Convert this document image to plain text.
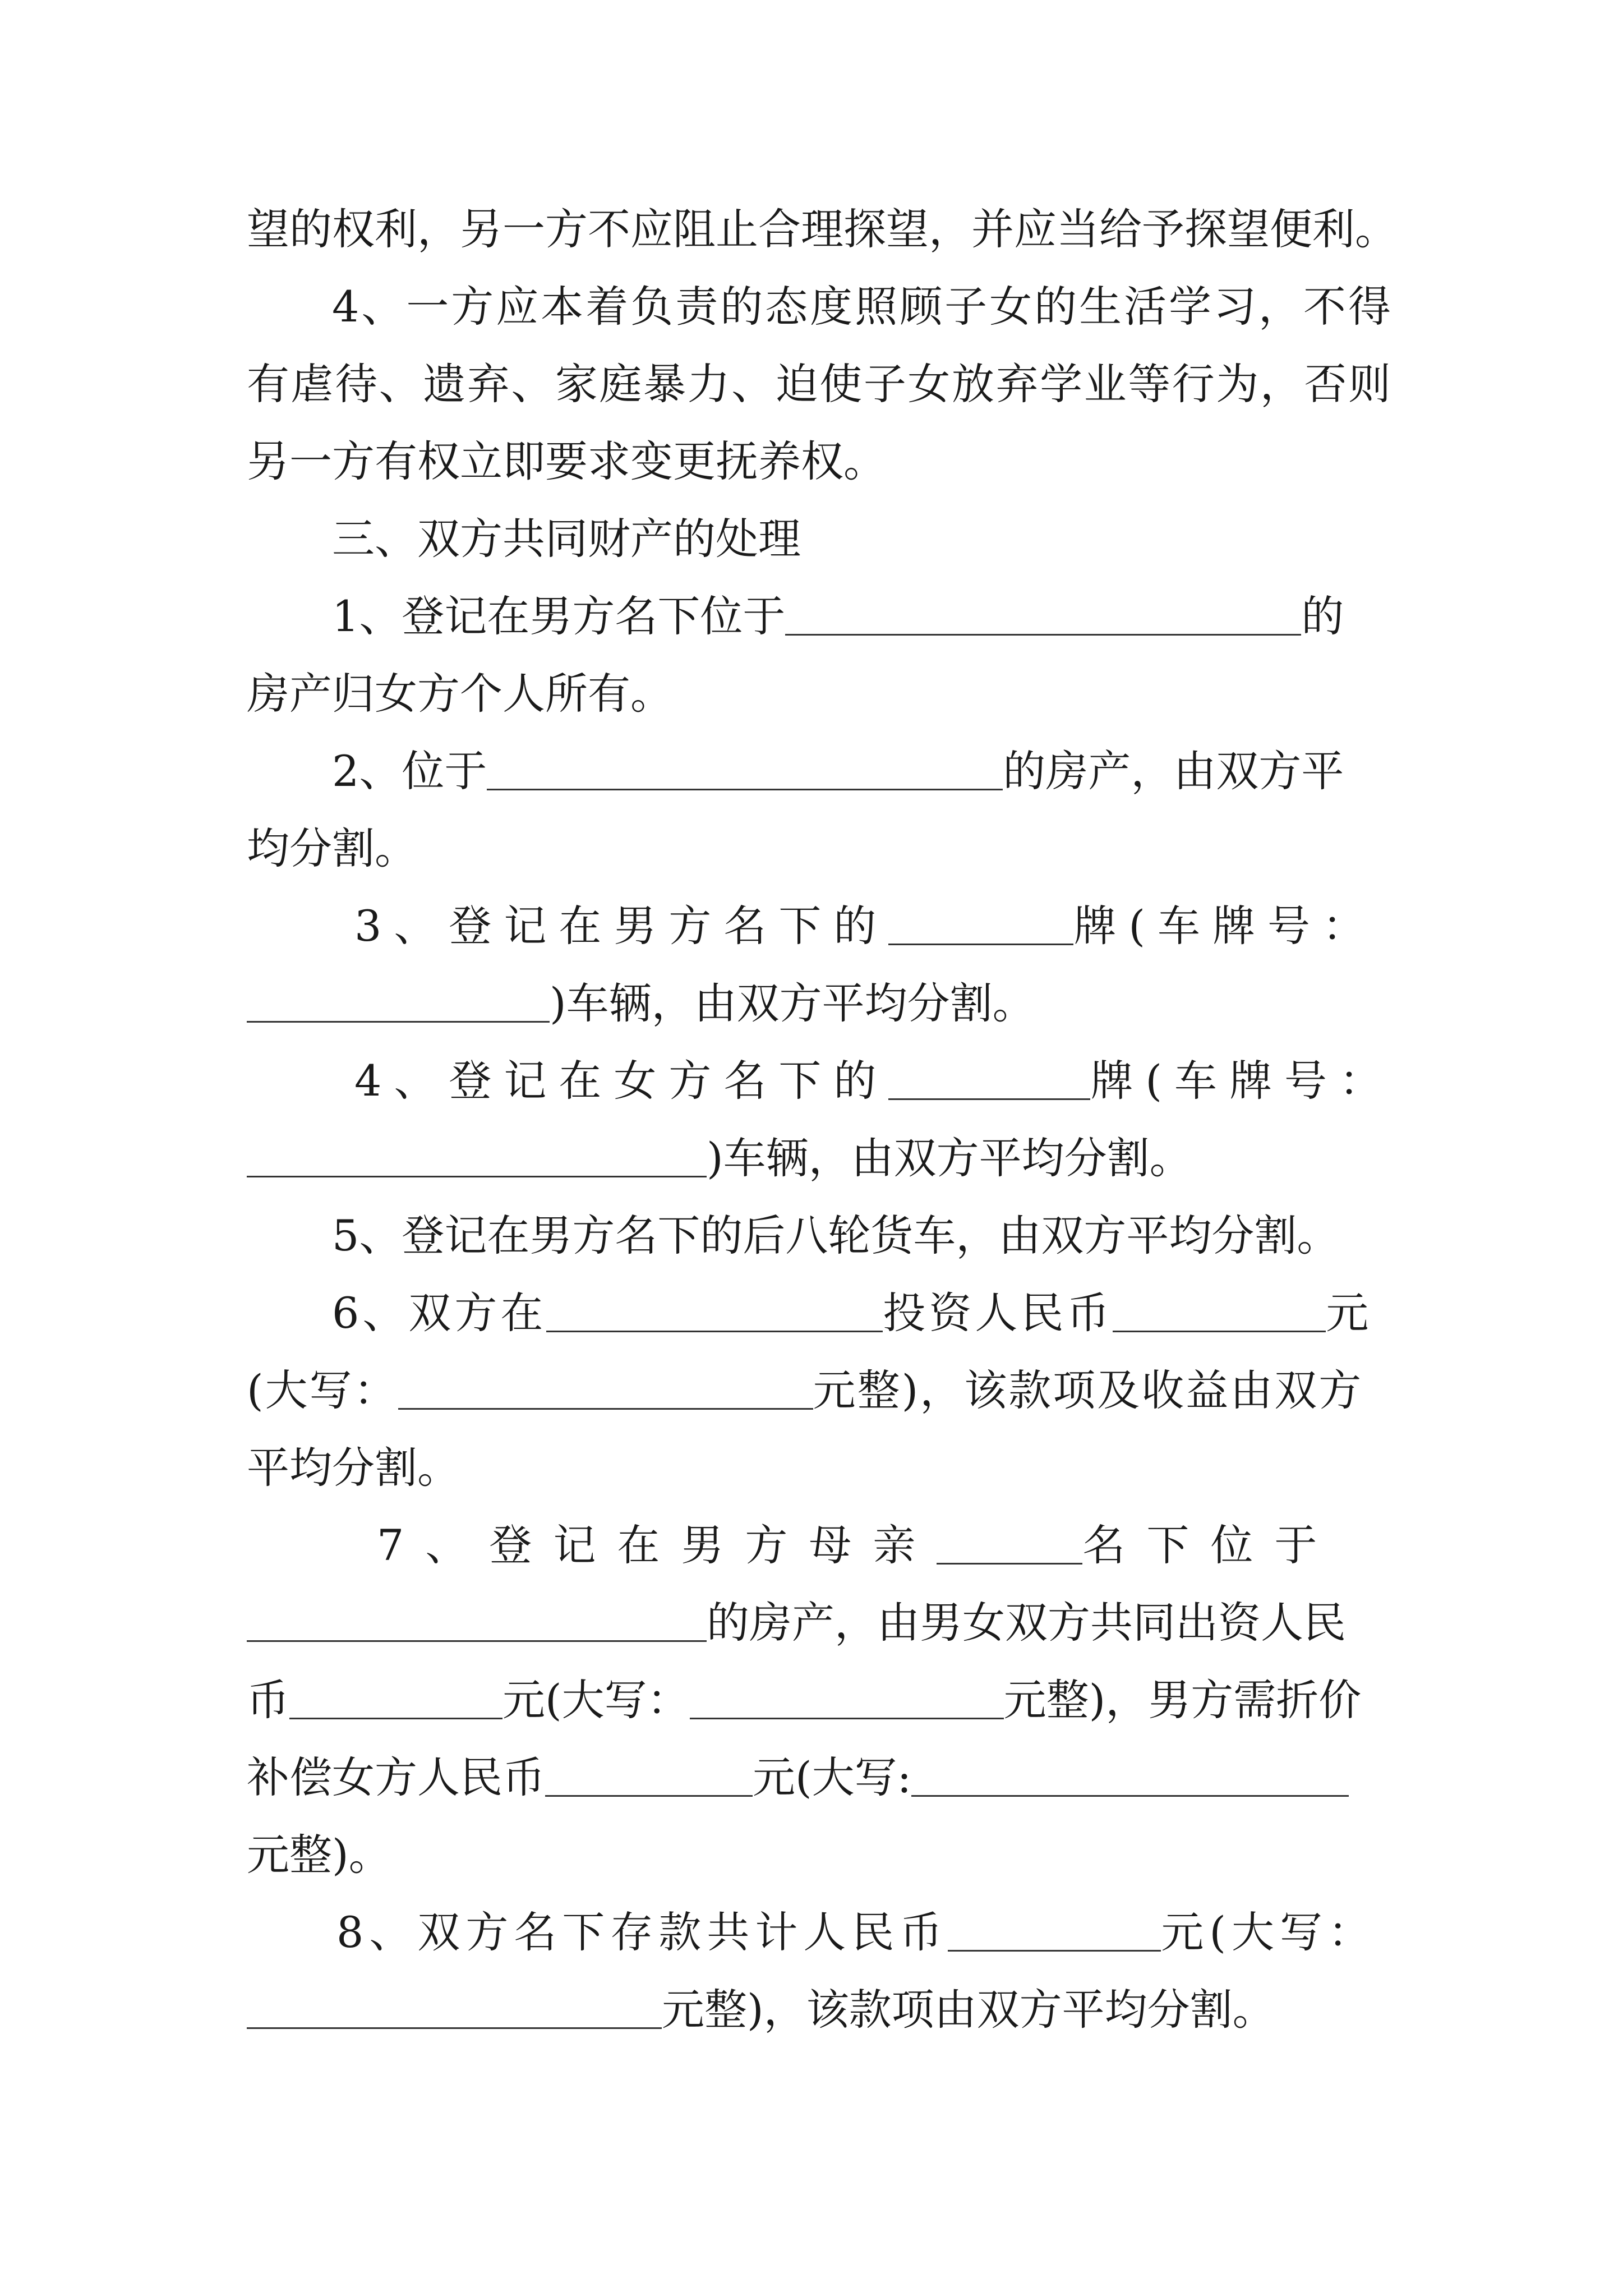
望的权利，另一方不应阻止合理探望，并应当给予探望便利。
4、一方应本着负责的态度照顾子女的生活学习，不得
有虐待、遗弃、家庭暴力、迫使子女放弃学业等行为，否则
另一方有权立即要求变更抚养权。
三、双方共同财产的处理
1、登记在男方名下位于	的
房产归女方个人所有。
2、位于	的房产，由双方平
均分割。
3、登记在男方名下的	牌(车牌号：
)车辆，由双方平均分割。
4、登记在女方名下的	牌(车牌号：
)车辆，由双方平均分割。
5、登记在男方名下的后八轮货车，由双方平均分割。
6、双方在	投资人民币	元
(大写：	元整)，该款项及收益由双方
平均分割。
7、登记在男方母亲	名下位于
的房产，由男女双方共同出资人民
币	元(大写：	元整)，男方需折价
补偿女方人民币	元(大写:
元整)。
8、双方名下存款共计人民币	元(大写：
元整)，该款项由双方平均分割。
